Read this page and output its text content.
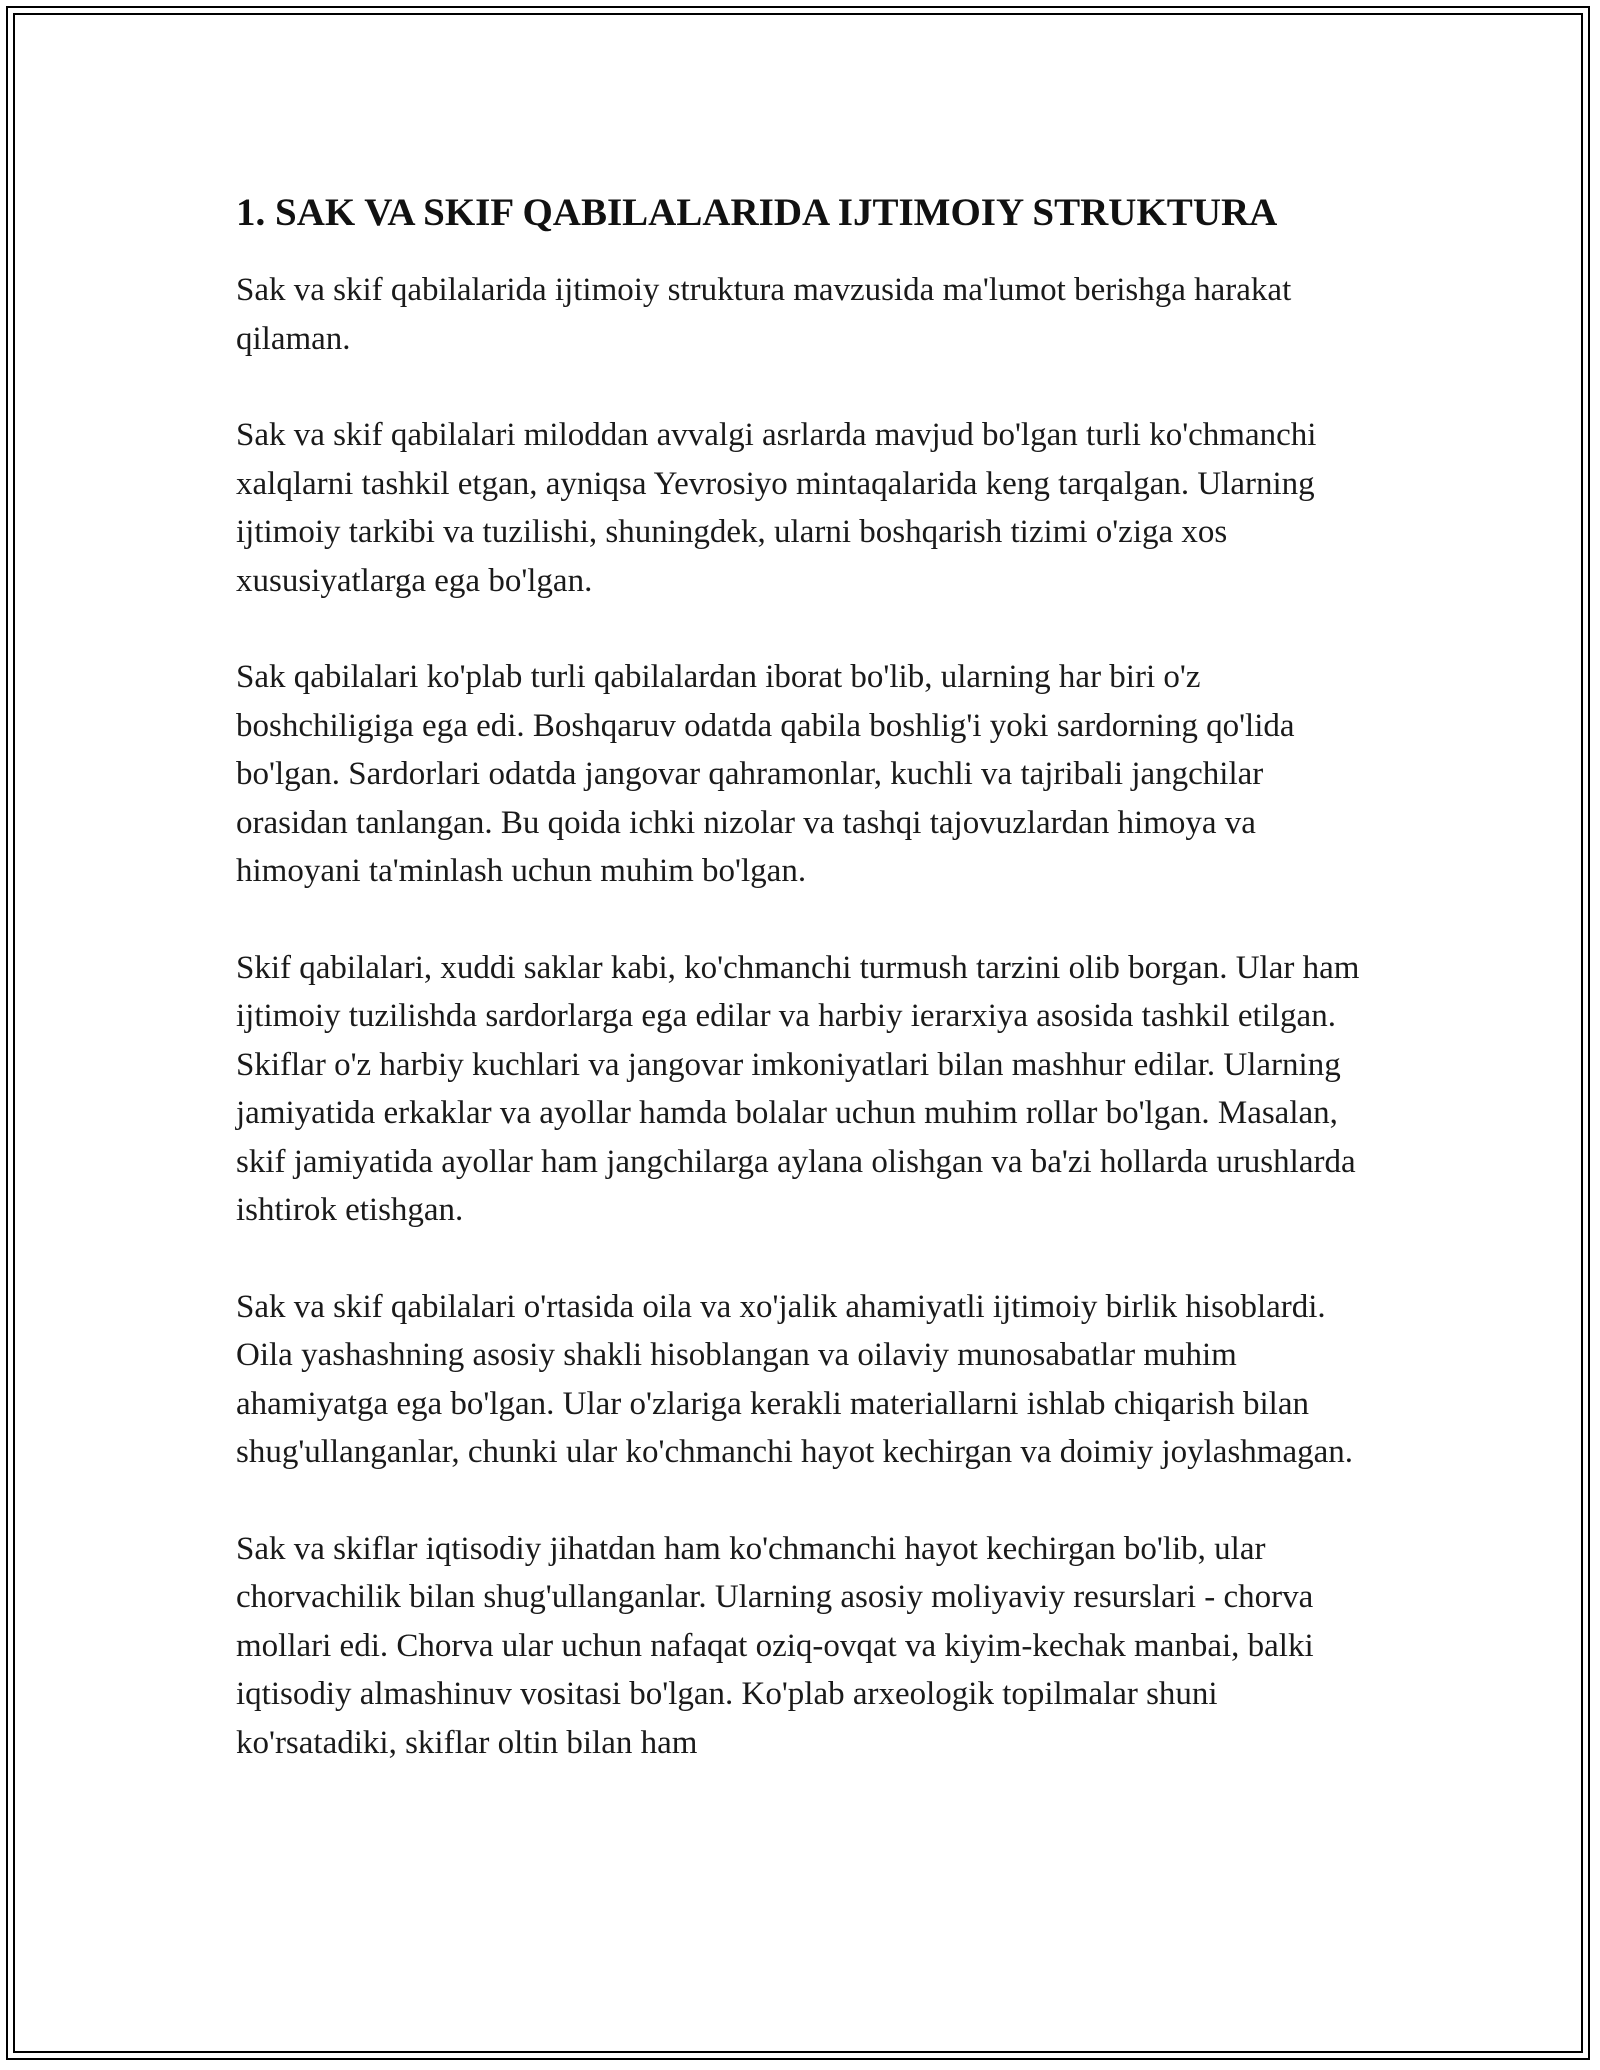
1. SAK VA SKIF QABILALARIDA IJTIMOIY STRUKTURA

Sak va skif qabilalarida ijtimoiy struktura mavzusida ma'lumot berishga harakat qilaman.

Sak va skif qabilalari miloddan avvalgi asrlarda mavjud bo'lgan turli ko'chmanchi xalqlarni tashkil etgan, ayniqsa Yevrosiyo mintaqalarida keng tarqalgan. Ularning ijtimoiy tarkibi va tuzilishi, shuningdek, ularni boshqarish tizimi o'ziga xos xususiyatlarga ega bo'lgan.

Sak qabilalari ko'plab turli qabilalardan iborat bo'lib, ularning har biri o'z boshchiligiga ega edi. Boshqaruv odatda qabila boshlig'i yoki sardorning qo'lida bo'lgan. Sardorlari odatda jangovar qahramonlar, kuchli va tajribali jangchilar orasidan tanlangan. Bu qoida ichki nizolar va tashqi tajovuzlardan himoya va himoyani ta'minlash uchun muhim bo'lgan.

Skif qabilalari, xuddi saklar kabi, ko'chmanchi turmush tarzini olib borgan. Ular ham ijtimoiy tuzilishda sardorlarga ega edilar va harbiy ierarxiya asosida tashkil etilgan. Skiflar o'z harbiy kuchlari va jangovar imkoniyatlari bilan mashhur edilar. Ularning jamiyatida erkaklar va ayollar hamda bolalar uchun muhim rollar bo'lgan. Masalan, skif jamiyatida ayollar ham jangchilarga aylana olishgan va ba'zi hollarda urushlarda ishtirok etishgan.

Sak va skif qabilalari o'rtasida oila va xo'jalik ahamiyatli ijtimoiy birlik hisoblardi. Oila yashashning asosiy shakli hisoblangan va oilaviy munosabatlar muhim ahamiyatga ega bo'lgan. Ular o'zlariga kerakli materiallarni ishlab chiqarish bilan shug'ullanganlar, chunki ular ko'chmanchi hayot kechirgan va doimiy joylashmagan.

Sak va skiflar iqtisodiy jihatdan ham ko'chmanchi hayot kechirgan bo'lib, ular chorvachilik bilan shug'ullanganlar. Ularning asosiy moliyaviy resurslari - chorva mollari edi. Chorva ular uchun nafaqat oziq-ovqat va kiyim-kechak manbai, balki iqtisodiy almashinuv vositasi bo'lgan. Ko'plab arxeologik topilmalar shuni ko'rsatadiki, skiflar oltin bilan ham
